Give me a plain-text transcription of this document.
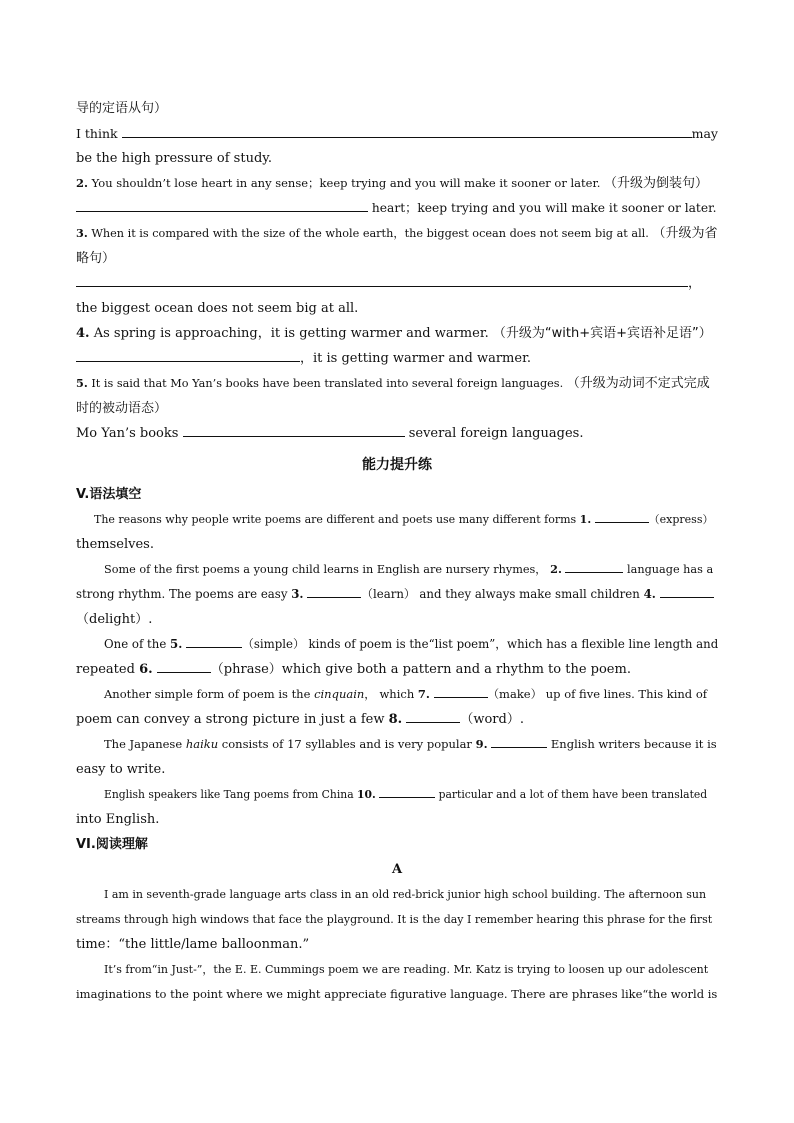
导的定语从句）
I think	may
be the high pressure of study.
2. You shouldn’t lose heart in any sense；keep trying and you will make it sooner or later. （升级为倒装句）
heart；keep trying and you will make it sooner or later.
3. When it is compared with the size of the whole earth，the biggest ocean does not seem big at all. （升级为省
略句）
，
the biggest ocean does not seem big at all.
4. As spring is approaching，it is getting warmer and warmer. （升级为“with+宾语+宾语补足语”）
，it is getting warmer and warmer.
5. It is said that Mo Yan’s books have been translated into several foreign languages. （升级为动词不定式完成
时的被动语态）
Mo Yan’s books	several foreign languages.
能力提升练
V.语法填空
The reasons why people write poems are different and poets use many different forms 1.	（express）
themselves.
Some of the first poems a young child learns in English are nursery rhymes， 2.	language has a
strong rhythm. The poems are easy 3.	（learn） and they always make small children 4.
（delight）.
One of the 5.	（simple） kinds of poem is the“list poem”，which has a flexible line length and
repeated 6.	（phrase）which give both a pattern and a rhythm to the poem.
Another simple form of poem is the cinquain， which 7.	（make） up of five lines. This kind of
poem can convey a strong picture in just a few 8.	（word）.
The Japanese haiku consists of 17 syllables and is very popular 9.	English writers because it is
easy to write.
English speakers like Tang poems from China 10.	particular and a lot of them have been translated
into English.
VI.阅读理解
A
I am in seventh-grade language arts class in an old red-brick junior high school building. The afternoon sun
streams through high windows that face the playground. It is the day I remember hearing this phrase for the first
time：“the little/lame balloonman.”
It’s from“in Just-”，the E. E. Cummings poem we are reading. Mr. Katz is trying to loosen up our adolescent
imaginations to the point where we might appreciate figurative language. There are phrases like“the world is
